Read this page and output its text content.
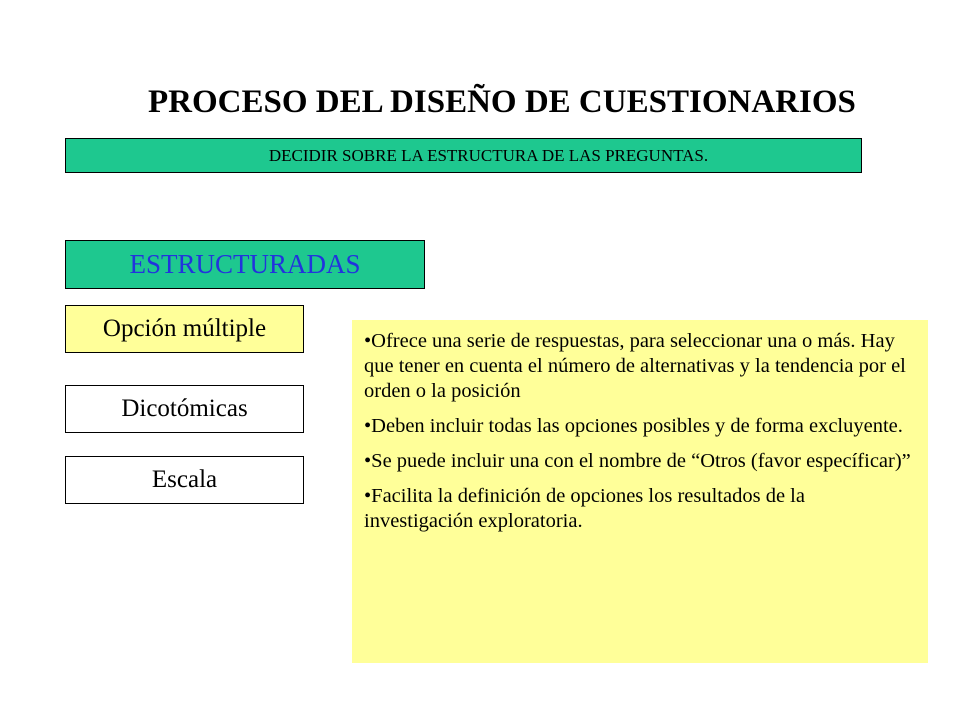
PROCESO DEL DISEÑO DE CUESTIONARIOS
DECIDIR SOBRE LA ESTRUCTURA DE LAS PREGUNTAS.
ESTRUCTURADAS
Opción múltiple
Dicotómicas
Escala

•Ofrece una serie de respuestas, para seleccionar una o más. Hay que tener en cuenta el número de alternativas y la tendencia por el orden o la posición

•Deben incluir todas las opciones posibles y de forma excluyente.

•Se puede incluir una con el nombre de “Otros (favor específicar)”

•Facilita la definición de opciones los resultados de la investigación exploratoria.
